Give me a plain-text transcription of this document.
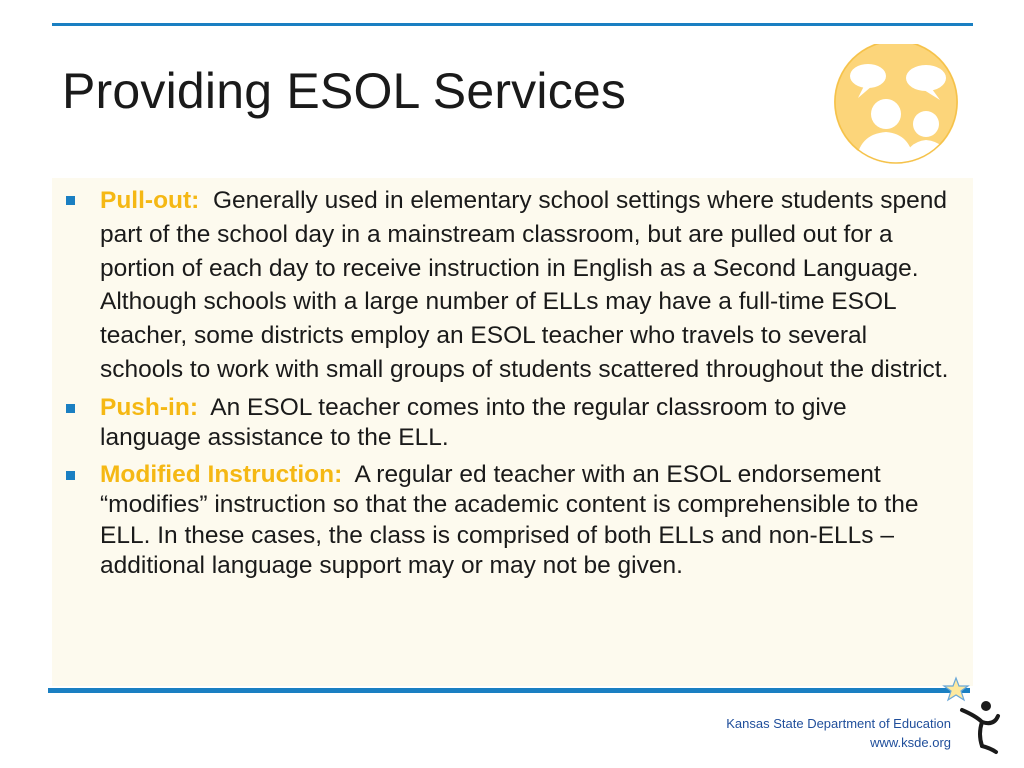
Providing ESOL Services
Pull-out: Generally used in elementary school settings where students spend part of the school day in a mainstream classroom, but are pulled out for a portion of each day to receive instruction in English as a Second Language. Although schools with a large number of ELLs may have a full-time ESOL teacher, some districts employ an ESOL teacher who travels to several schools to work with small groups of students scattered throughout the district.
Push-in: An ESOL teacher comes into the regular classroom to give language assistance to the ELL.
Modified Instruction: A regular ed teacher with an ESOL endorsement “modifies” instruction so that the academic content is comprehensible to the ELL. In these cases, the class is comprised of both ELLs and non-ELLs – additional language support may or may not be given.
Kansas State Department of Education
www.ksde.org
